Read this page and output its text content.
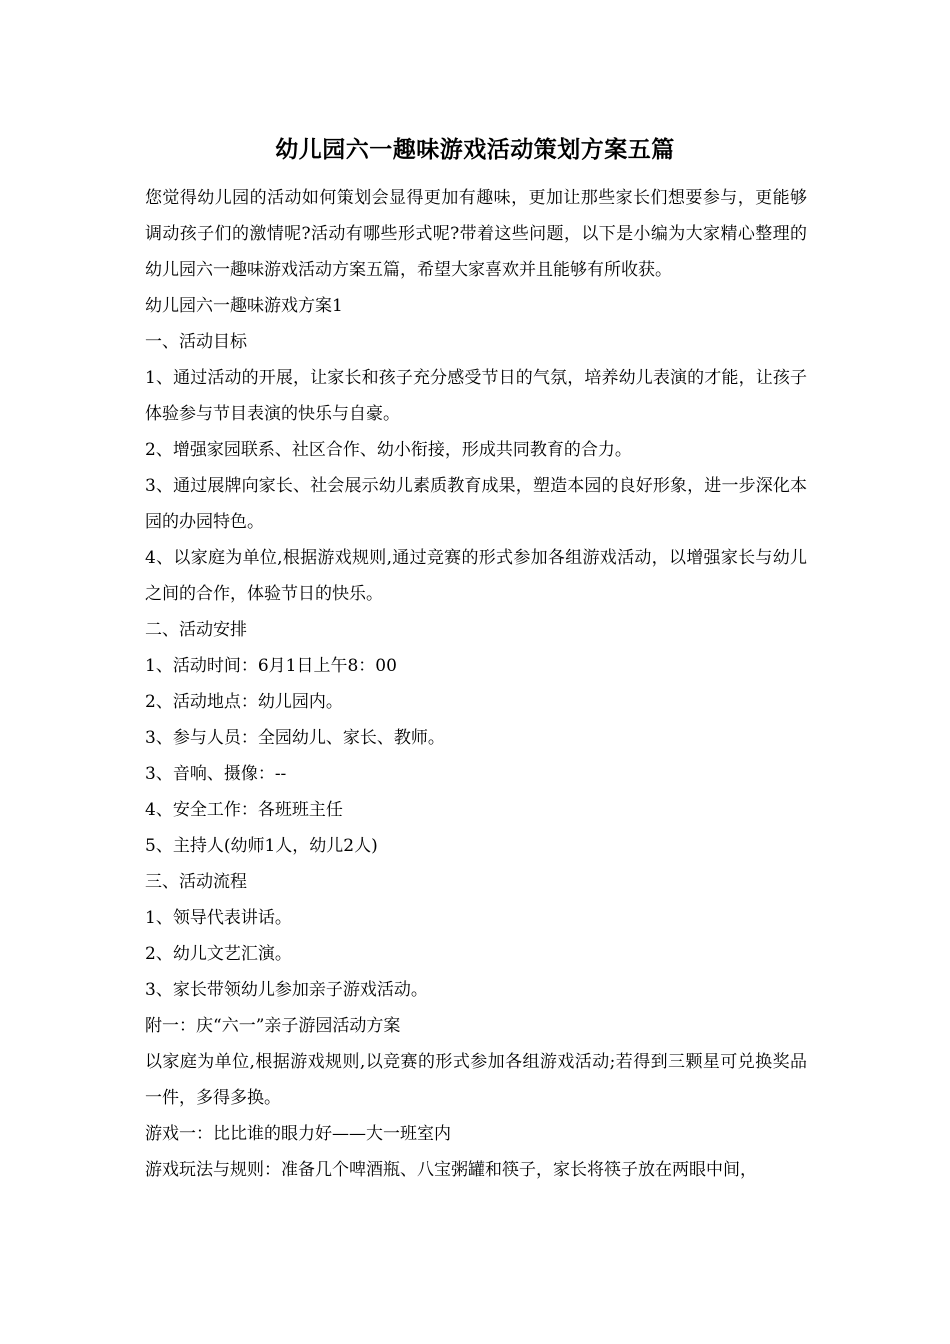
幼儿园六一趣味游戏活动策划方案五篇

您觉得幼儿园的活动如何策划会显得更加有趣味，更加让那些家长们想要参与，更能够调动孩子们的激情呢?活动有哪些形式呢?带着这些问题，以下是小编为大家精心整理的幼儿园六一趣味游戏活动方案五篇，希望大家喜欢并且能够有所收获。

幼儿园六一趣味游戏方案1

一、活动目标

1、通过活动的开展，让家长和孩子充分感受节日的气氛，培养幼儿表演的才能，让孩子体验参与节目表演的快乐与自豪。

2、增强家园联系、社区合作、幼小衔接，形成共同教育的合力。

3、通过展牌向家长、社会展示幼儿素质教育成果，塑造本园的良好形象，进一步深化本园的办园特色。

4、以家庭为单位,根据游戏规则,通过竞赛的形式参加各组游戏活动，以增强家长与幼儿之间的合作，体验节日的快乐。

二、活动安排

1、活动时间：6月1日上午8：00

2、活动地点：幼儿园内。

3、参与人员：全园幼儿、家长、教师。

3、音响、摄像：--

4、安全工作：各班班主任

5、主持人(幼师1人，幼儿2人)

三、活动流程

1、领导代表讲话。

2、幼儿文艺汇演。

3、家长带领幼儿参加亲子游戏活动。

附一：庆“六一”亲子游园活动方案

以家庭为单位,根据游戏规则,以竞赛的形式参加各组游戏活动;若得到三颗星可兑换奖品一件，多得多换。

游戏一：比比谁的眼力好——大一班室内

游戏玩法与规则：准备几个啤酒瓶、八宝粥罐和筷子，家长将筷子放在两眼中间，
